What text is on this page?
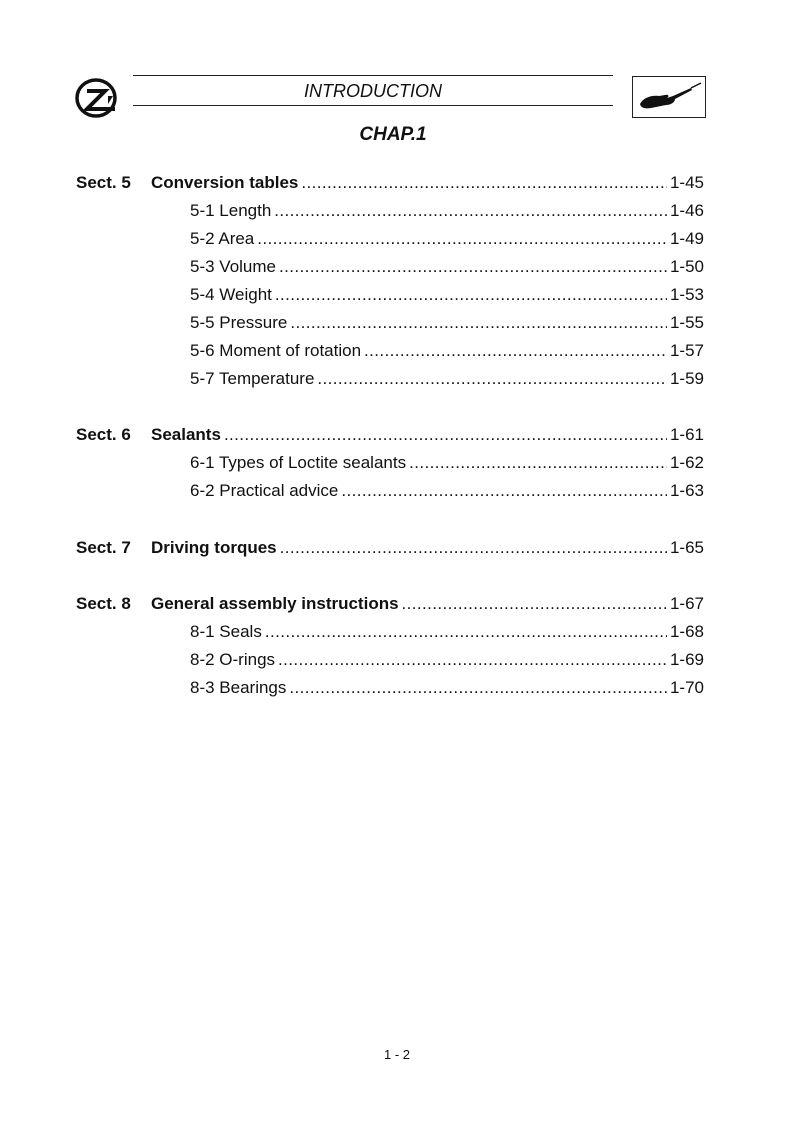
INTRODUCTION
CHAP.1
Sect. 5 Conversion tables .....	1-45
5-1 Length .....	1-46
5-2 Area .....	1-49
5-3 Volume .....	1-50
5-4 Weight .....	1-53
5-5 Pressure .....	1-55
5-6 Moment of rotation .....	1-57
5-7 Temperature .....	1-59
Sect. 6 Sealants .....	1-61
6-1 Types of Loctite sealants .....	1-62
6-2 Practical advice .....	1-63
Sect. 7 Driving torques .....	1-65
Sect. 8 General assembly instructions .....	1-67
8-1 Seals .....	1-68
8-2 O-rings .....	1-69
8-3 Bearings .....	1-70
1 - 2
